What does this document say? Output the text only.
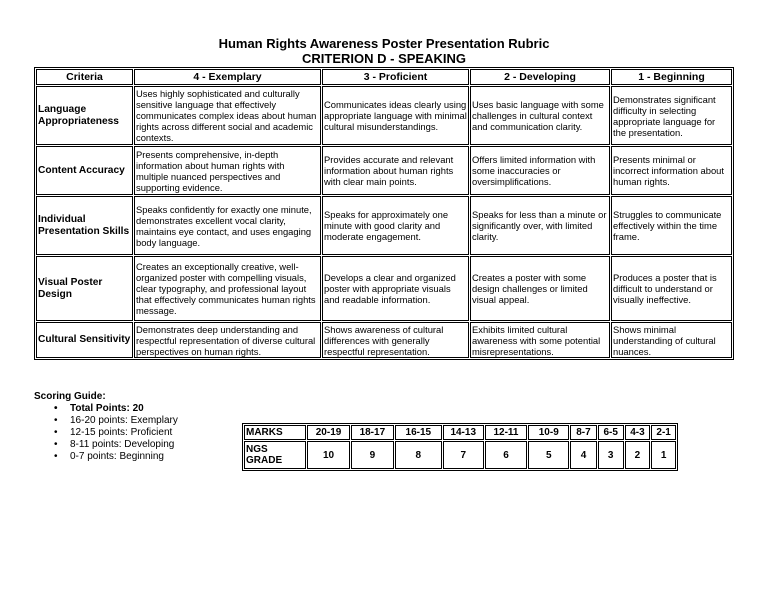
Human Rights Awareness Poster Presentation Rubric
CRITERION D - SPEAKING
Criteria	4 - Exemplary	3 - Proficient	2 - Developing	1 - Beginning
Language Appropriateness	Uses highly sophisticated and culturally sensitive language that effectively communicates complex ideas about human rights across different social and academic contexts.	Communicates ideas clearly using appropriate language with minimal cultural misunderstandings.	Uses basic language with some challenges in cultural context and communication clarity.	Demonstrates significant difficulty in selecting appropriate language for the presentation.
Content Accuracy	Presents comprehensive, in-depth information about human rights with multiple nuanced perspectives and supporting evidence.	Provides accurate and relevant information about human rights with clear main points.	Offers limited information with some inaccuracies or oversimplifications.	Presents minimal or incorrect information about human rights.
Individual Presentation Skills	Speaks confidently for exactly one minute, demonstrates excellent vocal clarity, maintains eye contact, and uses engaging body language.	Speaks for approximately one minute with good clarity and moderate engagement.	Speaks for less than a minute or significantly over, with limited clarity.	Struggles to communicate effectively within the time frame.
Visual Poster Design	Creates an exceptionally creative, well-organized poster with compelling visuals, clear typography, and professional layout that effectively communicates human rights message.	Develops a clear and organized poster with appropriate visuals and readable information.	Creates a poster with some design challenges or limited visual appeal.	Produces a poster that is difficult to understand or visually ineffective.
Cultural Sensitivity	Demonstrates deep understanding and respectful representation of diverse cultural perspectives on human rights.	Shows awareness of cultural differences with generally respectful representation.	Exhibits limited cultural awareness with some potential misrepresentations.	Shows minimal understanding of cultural nuances.
Scoring Guide:
• Total Points: 20
• 16-20 points: Exemplary
• 12-15 points: Proficient
• 8-11 points: Developing
• 0-7 points: Beginning
MARKS	20-19	18-17	16-15	14-13	12-11	10-9	8-7	6-5	4-3	2-1
NGS GRADE	10	9	8	7	6	5	4	3	2	1
